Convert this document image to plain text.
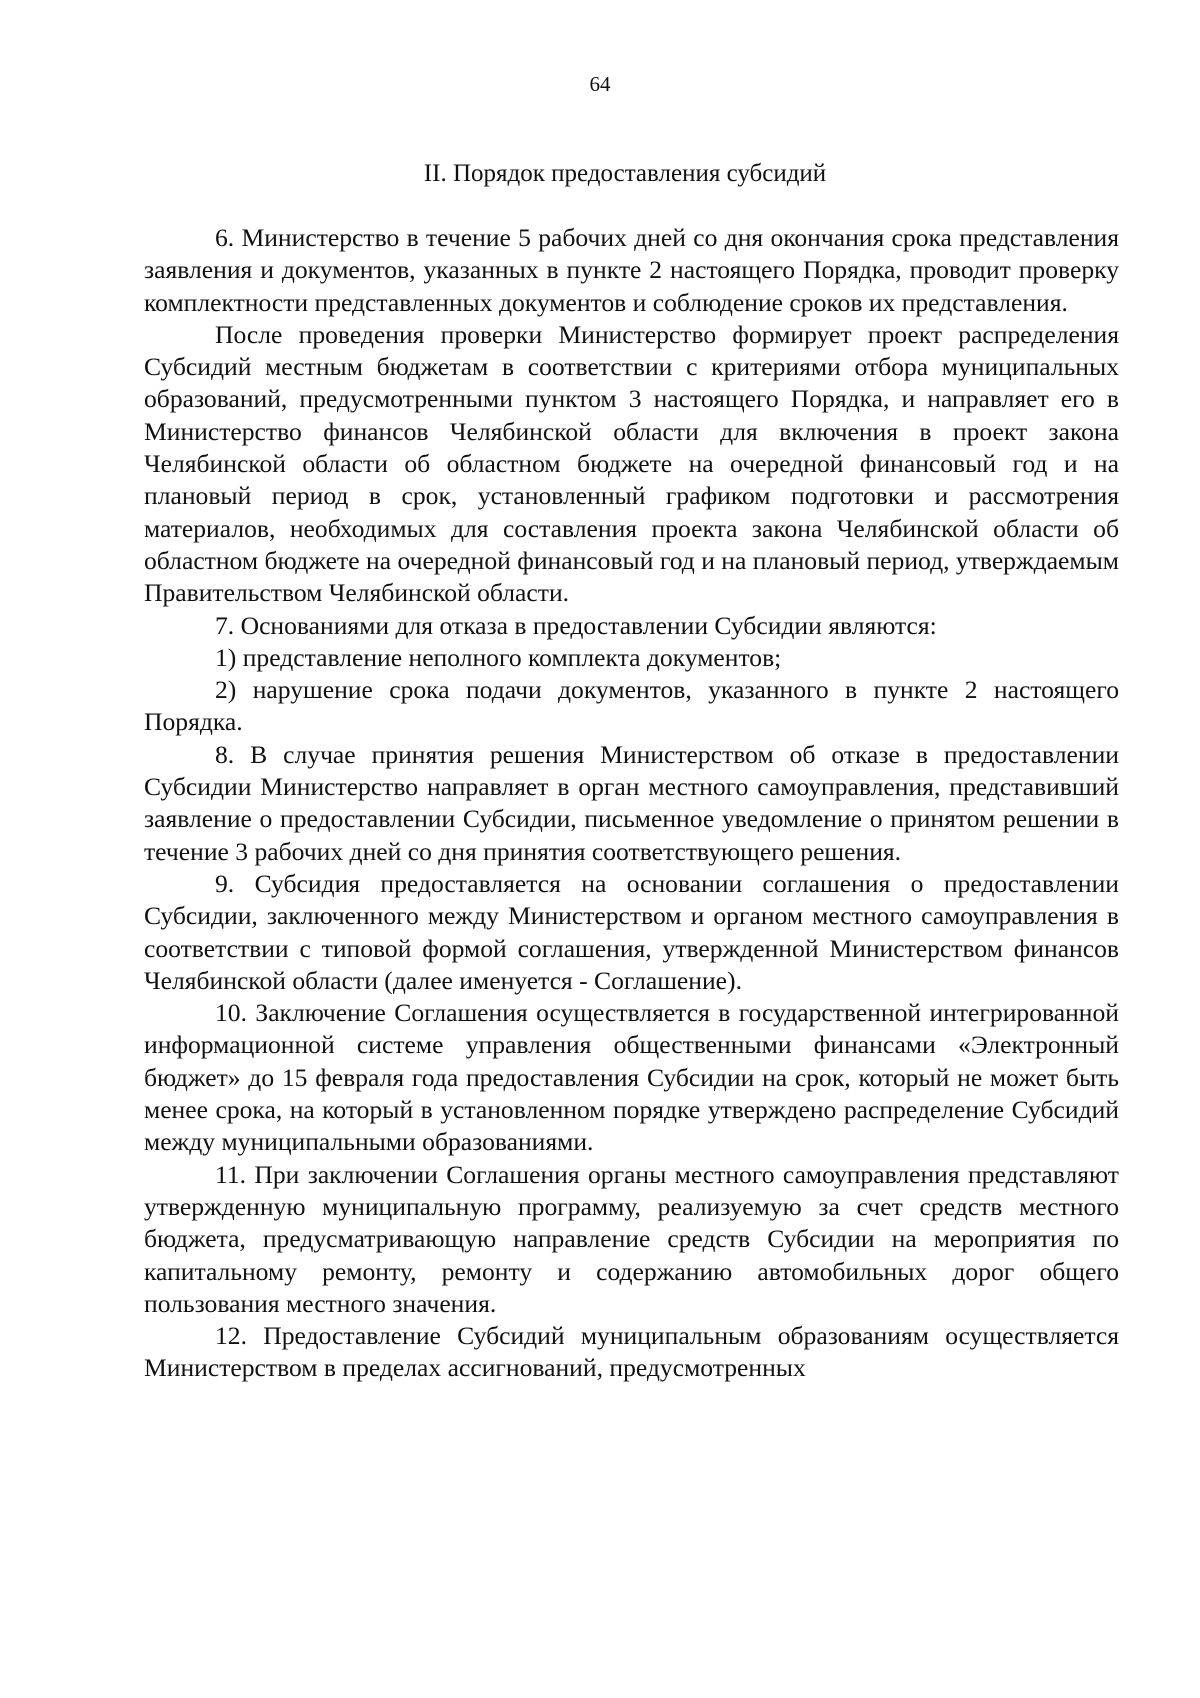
64
II. Порядок предоставления субсидий

6. Министерство в течение 5 рабочих дней со дня окончания срока представления заявления и документов, указанных в пункте 2 настоящего Порядка, проводит проверку комплектности представленных документов и соблюдение сроков их представления.

После проведения проверки Министерство формирует проект распределения Субсидий местным бюджетам в соответствии с критериями отбора муниципальных образований, предусмотренными пунктом 3 настоящего Порядка, и направляет его в Министерство финансов Челябинской области для включения в проект закона Челябинской области об областном бюджете на очередной финансовый год и на плановый период в срок, установленный графиком подготовки и рассмотрения материалов, необходимых для составления проекта закона Челябинской области об областном бюджете на очередной финансовый год и на плановый период, утверждаемым Правительством Челябинской области.

7. Основаниями для отказа в предоставлении Субсидии являются:

1) представление неполного комплекта документов;

2) нарушение срока подачи документов, указанного в пункте 2 настоящего Порядка.

8. В случае принятия решения Министерством об отказе в предоставлении Субсидии Министерство направляет в орган местного самоуправления, представивший заявление о предоставлении Субсидии, письменное уведомление о принятом решении в течение 3 рабочих дней со дня принятия соответствующего решения.

9. Субсидия предоставляется на основании соглашения о предоставлении Субсидии, заключенного между Министерством и органом местного самоуправления в соответствии с типовой формой соглашения, утвержденной Министерством финансов Челябинской области (далее именуется - Соглашение).

10. Заключение Соглашения осуществляется в государственной интегрированной информационной системе управления общественными финансами «Электронный бюджет» до 15 февраля года предоставления Субсидии на срок, который не может быть менее срока, на который в установленном порядке утверждено распределение Субсидий между муниципальными образованиями.

11. При заключении Соглашения органы местного самоуправления представляют утвержденную муниципальную программу, реализуемую за счет средств местного бюджета, предусматривающую направление средств Субсидии на мероприятия по капитальному ремонту, ремонту и содержанию автомобильных дорог общего пользования местного значения.

12. Предоставление Субсидий муниципальным образованиям осуществляется Министерством в пределах ассигнований, предусмотренных
